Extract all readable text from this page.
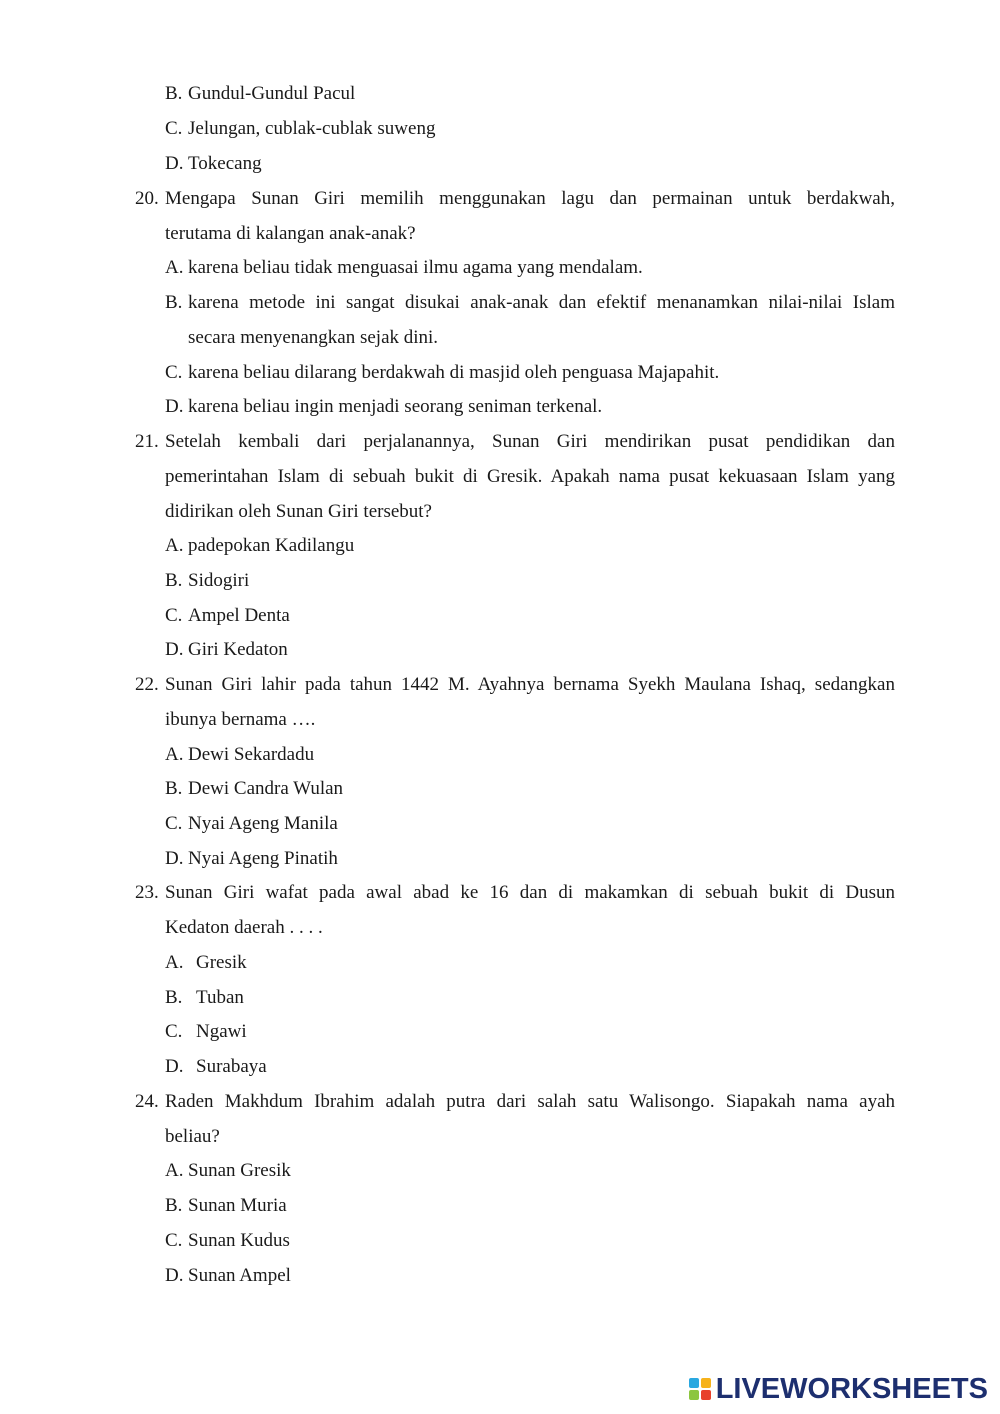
B. Gundul-Gundul Pacul
C. Jelungan, cublak-cublak suweng
D. Tokecang
20. Mengapa Sunan Giri memilih menggunakan lagu dan permainan untuk berdakwah,
terutama di kalangan anak-anak?
A. karena beliau tidak menguasai ilmu agama yang mendalam.
B. karena metode ini sangat disukai anak-anak dan efektif menanamkan nilai-nilai Islam
secara menyenangkan sejak dini.
C. karena beliau dilarang berdakwah di masjid oleh penguasa Majapahit.
D. karena beliau ingin menjadi seorang seniman terkenal.
21. Setelah kembali dari perjalanannya, Sunan Giri mendirikan pusat pendidikan dan
pemerintahan Islam di sebuah bukit di Gresik. Apakah nama pusat kekuasaan Islam yang
didirikan oleh Sunan Giri tersebut?
A. padepokan Kadilangu
B. Sidogiri
C. Ampel Denta
D. Giri Kedaton
22. Sunan Giri lahir pada tahun 1442 M. Ayahnya bernama Syekh Maulana Ishaq, sedangkan
ibunya bernama ….
A. Dewi Sekardadu
B. Dewi Candra Wulan
C. Nyai Ageng Manila
D. Nyai Ageng Pinatih
23. Sunan Giri wafat pada awal abad ke 16 dan di makamkan di sebuah bukit di Dusun
Kedaton daerah . . . .
A. Gresik
B. Tuban
C. Ngawi
D. Surabaya
24. Raden Makhdum Ibrahim adalah putra dari salah satu Walisongo. Siapakah nama ayah
beliau?
A. Sunan Gresik
B. Sunan Muria
C. Sunan Kudus
D. Sunan Ampel
LIVEWORKSHEETS
